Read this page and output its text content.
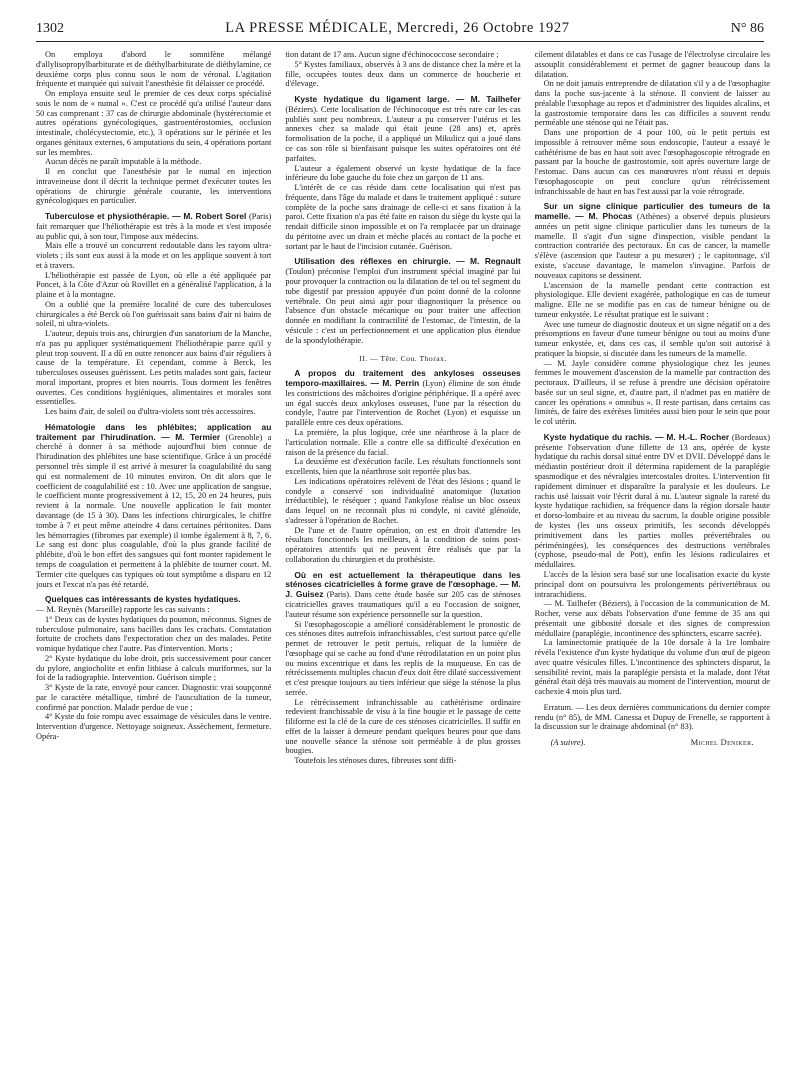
1302	LA PRESSE MÉDICALE, Mercredi, 26 Octobre 1927	N° 86

On employa d'abord le somnifène mélangé d'allylisopropylbarbiturate et de diéthylbarbiturate de diéthylamine, ce deuxième corps plus connu sous le nom de véronal. L'agitation fréquente et marquée qui suivait l'anesthésie fit délaisser ce procédé.

On employa ensuite seul le premier de ces deux corps spécialisé sous le nom de « numal ». C'est ce procédé qu'a utilisé l'auteur dans 50 cas comprenant : 37 cas de chirurgie abdominale (hystérectomie et autres opérations gynécologiques, gastroentérostomies, occlusion intestinale, cholécystectomie, etc.), 3 opérations sur le périnée et les organes génitaux externes, 6 amputations du sein, 4 opérations portant sur les membres.

Aucun décès ne paraît imputable à la méthode.

Il en conclut que l'anesthésie par le numal en injection intraveineuse dont il décrit la technique permet d'exécuter toutes les opérations de chirurgie générale courante, les interventions gynécologiques en particulier.

Tuberculose et physiothérapie. — M. Robert Sorel (Paris) fait remarquer que l'héliothérapie est très à la mode et s'est imposée au public qui, à son tour, l'impose aux médecins.

Mais elle a trouvé un concurrent redoutable dans les rayons ultra-violets ; ils sont eux aussi à la mode et on les applique souvent à tort et à travers.

L'héliothérapie est passée de Lyon, où elle a été appliquée par Poncet, à la Côte d'Azur où Rovillet en a généralisé l'application, à la plaine et à la montagne.

On a oublié que la première localité de cure des tuberculoses chirurgicales a été Berck où l'on guérissait sans bains d'air ni bains de soleil, ni ultra-violets.

L'auteur, depuis trois ans, chirurgien d'un sanatorium de la Manche, n'a pas pu appliquer systématiquement l'héliothérapie parce qu'il y pleut trop souvent. Il a dû en outre renoncer aux bains d'air réguliers à cause de la température. Et cependant, comme à Berck, les tuberculoses osseuses guérissent. Les petits malades sont gais, facteur moral important, propres et bien nourris. Tous dorment les fenêtres ouvertes. Ces conditions hygiéniques, alimentaires et morales sont essentielles.

Les bains d'air, de soleil ou d'ultra-violets sont très accessoires.

Hématologie dans les phlébites; application au traitement par l'hirudination. — M. Termier (Grenoble) a cherché à donner à sa méthode aujourd'hui bien connue de l'hirudination des phlébites une base scientifique. Grâce à un procédé personnel très simple il est arrivé à mesurer la coagulabilité du sang qui est normalement de 10 minutes environ. On dit alors que le coefficient de coagulabilité est : 10. Avec une application de sangsue, le coefficient monte progressivement à 12, 15, 20 en 24 heures, puis revient à la normale. Une nouvelle application le fait monter davantage (de 15 à 30). Dans les infections chirurgicales, le chiffre tombe à 7 et peut même atteindre 4 dans certaines péritonites. Dans les hémorragies (fibromes par exemple) il tombe également à 8, 7, 6. Le sang est donc plus coagulable, d'où la plus grande facilité de phlébite, d'où le bon effet des sangsues qui font monter rapidement le temps de coagulation et permettent à la phlébite de tourner court. M. Termier cite quelques cas typiques où tout symptôme a disparu en 12 jours et l'excat n'a pas été retardé.
Quelques cas intéressants de kystes hydatiques.

— M. Reynès (Marseille) rapporte les cas suivants :

1° Deux cas de kystes hydatiques du poumon, méconnus. Signes de tuberculose pulmonaire, sans bacilles dans les crachats. Constatation fortuite de crochets dans l'expectoration chez un des malades. Petite vomique hydatique chez l'autre. Pas d'intervention. Morts ;

2° Kyste hydatique du lobe droit, pris successivement pour cancer du pylore, angiocholite et enfin lithiase à calculs muriformes, sur la foi de la radiographie. Intervention. Guérison simple ;

3° Kyste de la rate, envoyé pour cancer. Diagnostic vrai soupçonné par le caractère métallique, timbré de l'auscultation de la tumeur, confirmé par ponction. Malade perdue de vue ;

4° Kyste du foie rompu avec essaimage de vésicules dans le ventre. Intervention d'urgence. Nettoyage soigneux. Assèchement, fermeture. Opéra-

tion datant de 17 ans. Aucun signe d'échinococcose secondaire ;

5° Kystes familiaux, observés à 3 ans de distance chez la mère et la fille, occupées toutes deux dans un commerce de boucherie et d'élevage.

Kyste hydatique du ligament large. — M. Tailhefer (Béziers). Cette localisation de l'échinocoque est très rare car les cas publiés sont peu nombreux. L'auteur a pu conserver l'utérus et les annexes chez sa malade qui était jeune (28 ans) et, après formolisation de la poche, il a appliqué un Mikulicz qui a joué dans ce cas son rôle si bienfaisant puisque les suites opératoires ont été parfaites.

L'auteur a également observé un kyste hydatique de la face inférieure du lobe gauche du foie chez un garçon de 11 ans.

L'intérêt de ce cas réside dans cette localisation qui n'est pas fréquente, dans l'âge du malade et dans le traitement appliqué : suture complète de la poche sans drainage de celle-ci et sans fixation à la paroi. Cette fixation n'a pas été faite en raison du siège du kyste qui la rendait difficile sinon impossible et on l'a remplacée par un drainage du péritoine avec un drain et mèche placés au contact de la poche et sortant par le haut de l'incision cutanée. Guérison.

Utilisation des réflexes en chirurgie. — M. Regnault (Toulon) préconise l'emploi d'un instrument spécial imaginé par lui pour provoquer la contraction ou la dilatation de tel ou tel segment du tube digestif par pression appuyée d'un point donné de la colonne vertébrale. On peut ainsi agir pour diagnostiquer la présence ou l'absence d'un obstacle mécanique ou pour traiter une affection donnée en modifiant la contractilité de l'estomac, de l'intestin, de la vésicule : c'est un perfectionnement et une application plus étendue de la spondylothérapie.
II. — Tête. Cou. Thorax.
A propos du traitement des ankyloses osseuses temporo-maxillaires. — M. Perrin (Lyon) élimine de son étude les constrictions des mâchoires d'origine périphérique. Il a opéré avec un égal succès deux ankyloses osseuses, l'une par la résection du condyle, l'autre par l'intervention de Rochet (Lyon) et esquisse un parallèle entre ces deux opérations.

La première, la plus logique, crée une néarthrose à la place de l'articulation normale. Elle a contre elle sa difficulté d'exécution en raison de la présence du facial.

La deuxième est d'exécution facile. Les résultats fonctionnels sont excellents, bien que la néarthrose soit reportée plus bas.

Les indications opératoires relèvent de l'état des lésions ; quand le condyle a conservé son individualité anatomique (luxation irréductible), le réséquer ; quand l'ankylose réalise un bloc osseux dans lequel on ne reconnaît plus ni condyle, ni cavité glénoïde, s'adresser à l'opération de Rochet.

De l'une et de l'autre opération, on est en droit d'attendre les résultats fonctionnels les meilleurs, à la condition de soins post-opératoires attentifs qui ne peuvent être réalisés que par la collaboration du chirurgien et du prothésiste.

Où en est actuellement la thérapeutique dans les sténoses cicatricielles à forme grave de l'œsophage. — M. J. Guisez (Paris). Dans cette étude basée sur 205 cas de sténoses cicatricielles graves traumatiques qu'il a eu l'occasion de soigner, l'auteur résume son expérience personnelle sur la question.

Si l'œsophagoscopie a amélioré considérablement le pronostic de ces sténoses dites autrefois infranchissables, c'est surtout parce qu'elle permet de retrouver le petit pertuis, reliquat de la lumière de l'œsophage qui se cache au fond d'une rétrodilatation en un point plus ou moins excentrique et dans les replis de la muqueuse. En cas de rétrécissements multiples chacun d'eux doit être dilaté successivement et c'est presque toujours au tiers inférieur que siège la sténose la plus serrée.

Le rétrécissement infranchissable au cathétérisme ordinaire redevient franchissable de visu à la fine bougie et le passage de cette filiforme est la clé de la cure de ces sténoses cicatricielles. Il suffit en effet de la laisser à demeure pendant quelques heures pour que dans une nouvelle séance la sténose soit perméable à de plus grosses bougies.

Toutefois les sténoses dures, fibreuses sont diffi-

cilement dilatables et dans ce cas l'usage de l'électrolyse circulaire les assouplit considérablement et permet de gagner beaucoup dans la dilatation.

On ne doit jamais entreprendre de dilatation s'il y a de l'œsophagite dans la poche sus-jacente à la sténose. Il convient de laisser au préalable l'œsophage au repos et d'administrer des liquides alcalins, et la gastrostomie temporaire dans les cas difficiles a souvent rendu perméable une sténose qui ne l'était pas.

Dans une proportion de 4 pour 100, où le petit pertuis est impossible à retrouver même sous endoscopie, l'auteur a essayé le cathétérisme de bas en haut soit avec l'œsophagoscopie rétrograde en passant par la bouche de gastrostomie, soit après ouverture large de l'estomac. Dans aucun cas ces manœuvres n'ont réussi et depuis l'œsophagoscopie on peut conclure qu'un rétrécissement infranchissable de haut en bas l'est aussi par la voie rétrograde.

Sur un signe clinique particulier des tumeurs de la mamelle. — M. Phocas (Athènes) a observé depuis plusieurs années un petit signe clinique particulier dans les tumeurs de la mamelle. Il s'agit d'un signe d'inspection, visible pendant la contraction contrariée des pectoraux. En cas de cancer, la mamelle s'élève (ascension que l'auteur a pu mesurer) ; le capitonnage, s'il existe, s'accuse davantage, le mamelon s'invagine. Parfois de nouveaux capitons se dessinent.

L'ascension de la mamelle pendant cette contraction est physiologique. Elle devient exagérée, pathologique en cas de tumeur maligne. Elle ne se modifie pas en cas de tumeur bénigne ou de tumeur enkystée. Le résultat pratique est le suivant :

Avec une tumeur de diagnostic douteux et un signe négatif on a des présomptions en faveur d'une tumeur bénigne ou tout au moins d'une tumeur enkystée, et, dans ces cas, il semble qu'on soit autorisé à pratiquer la biopsie, si discutée dans les tumeurs de la mamelle.

— M. Jayle considère comme physiologique chez les jeunes femmes le mouvement d'ascension de la mamelle par contraction des pectoraux. D'ailleurs, il se refuse à prendre une décision opératoire basée sur un seul signe, et, d'autre part, il n'admet pas en matière de cancer les opérations « omnibus ». Il reste partisan, dans certains cas limités, de faire des exérèses limitées aussi bien pour le sein que pour le col utérin.

Kyste hydatique du rachis. — M. H.-L. Rocher (Bordeaux) présente l'observation d'une fillette de 13 ans, opérée de kyste hydatique du rachis dorsal situé entre DV et DVII. Développé dans le médiastin postérieur droit il détermina rapidement de la paraplégie spasmodique et des névralgies intercostales droites. L'intervention fit rapidement diminuer et disparaître la paralysie et les douleurs. Le rachis usé laissait voir l'écrit dural à nu. L'auteur signale la rareté du kyste hydatique rachidien, sa fréquence dans la région dorsale haute et dorso-lombaire et au niveau du sacrum, la double origine possible de kystes (les uns osseux primitifs, les seconds développés primitivement dans les parties molles prévertébrales ou périméningées), les conséquences des destructions vertébrales (cyphose, pseudo-mal de Pott), enfin les lésions radiculaires et médullaires.

L'accès de la lésion sera basé sur une localisation exacte du kyste principal dont on poursuivra les prolongements périvertébraux ou intrarachidiens.

— M. Tailhefer (Béziers), à l'occasion de la communication de M. Rocher, verse aux débats l'observation d'une femme de 35 ans qui présentait une gibbosité dorsale et des signes de compression médullaire (paraplégie, incontinence des sphincters, escarre sacrée).

La laminectomie pratiquée de la 10e dorsale à la 1re lombaire révéla l'existence d'un kyste hydatique du volume d'un œuf de pigeon avec quatre vésicules filles. L'incontinence des sphincters disparut, la sensibilité revint, mais la paraplégie persista et la malade, dont l'état général était déjà très mauvais au moment de l'intervention, mourut de cachexie 4 mois plus tard.

Erratum. — Les deux dernières communications du dernier compte rendu (n° 85), de MM. Canessa et Dupuy de Frenelle, se rapportent à la discussion sur le drainage abdominal (n° 83).

(A suivre).	Michel Deniker.
